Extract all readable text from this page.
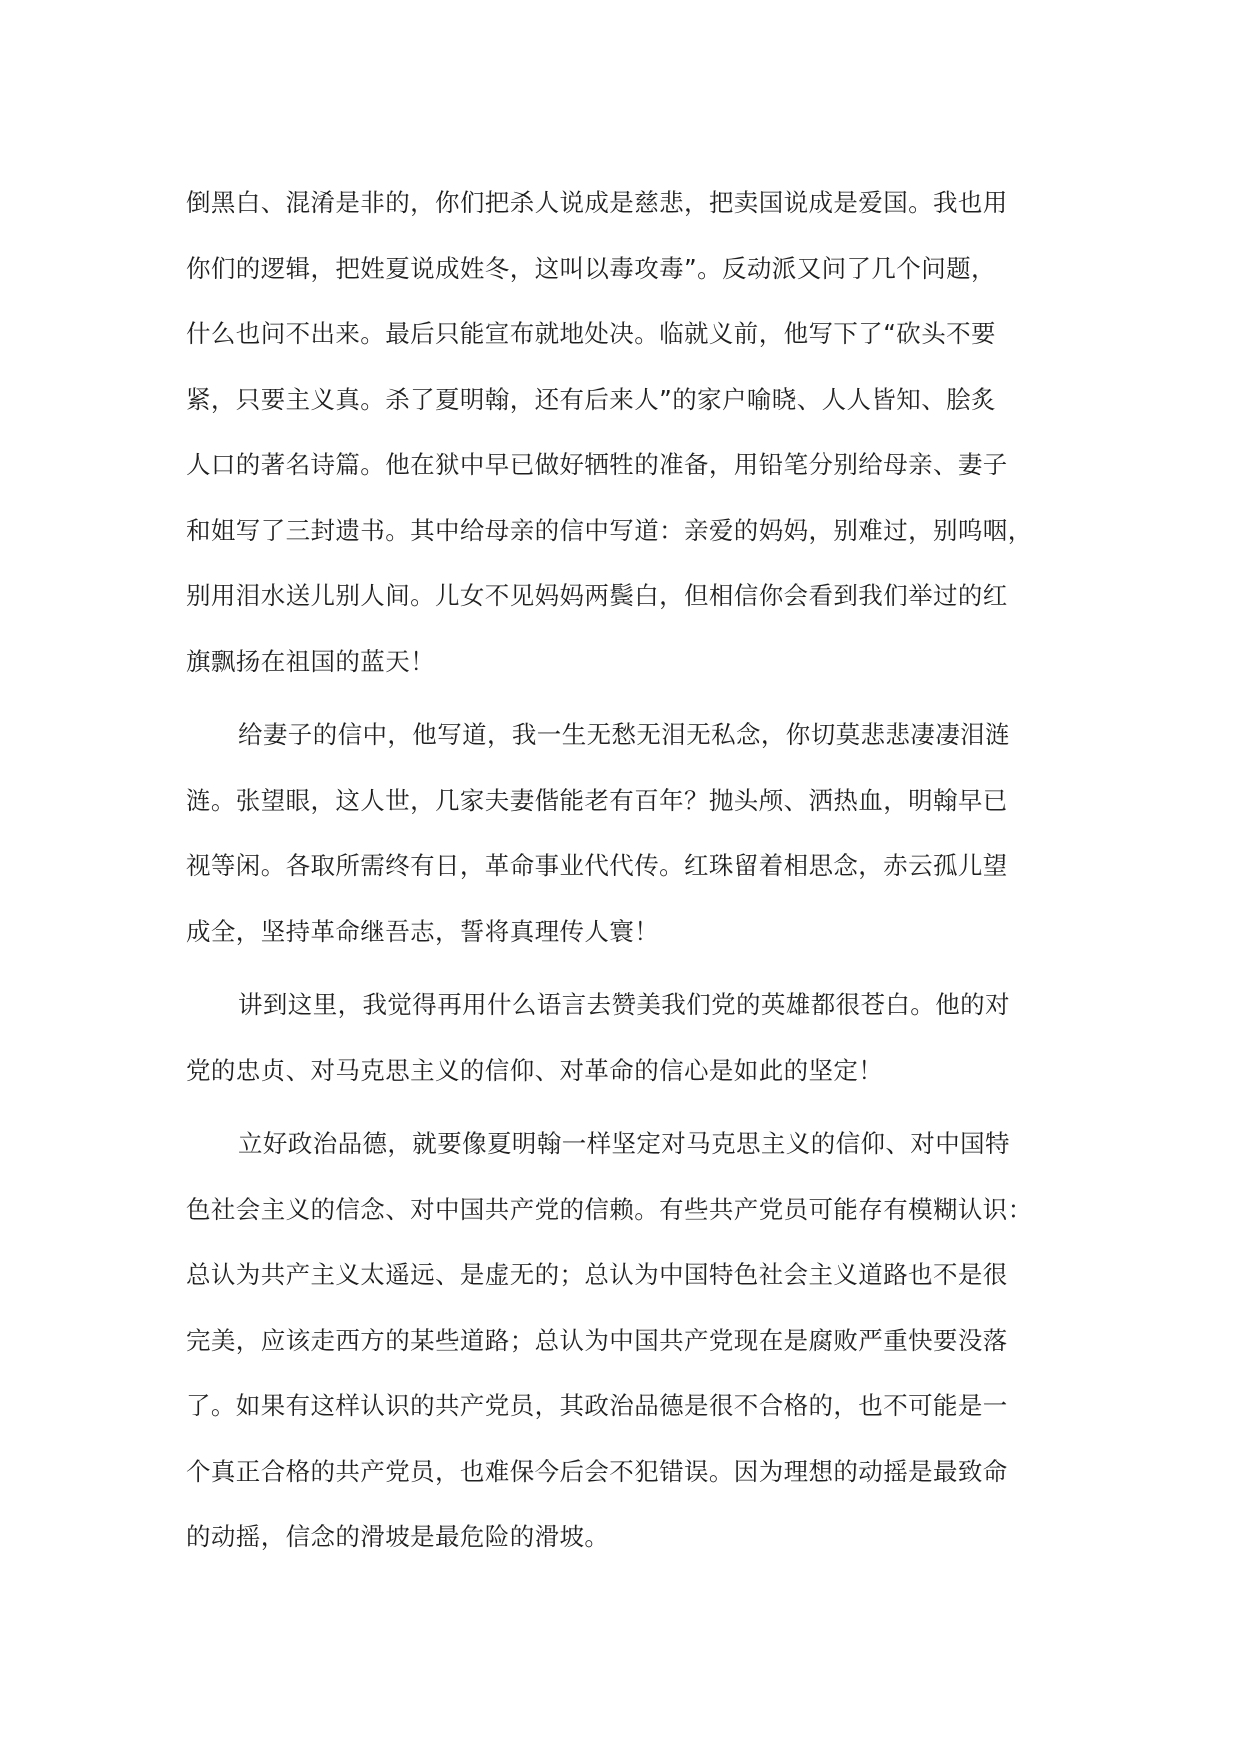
倒黑白、混淆是非的，你们把杀人说成是慈悲，把卖国说成是爱国。我也用
你们的逻辑，把姓夏说成姓冬，这叫以毒攻毒”。反动派又问了几个问题，
什么也问不出来。最后只能宣布就地处决。临就义前，他写下了“砍头不要
紧，只要主义真。杀了夏明翰，还有后来人”的家户喻晓、人人皆知、脍炙
人口的著名诗篇。他在狱中早已做好牺牲的准备，用铅笔分别给母亲、妻子
和姐写了三封遗书。其中给母亲的信中写道：亲爱的妈妈，别难过，别呜咽，
别用泪水送儿别人间。儿女不见妈妈两鬓白，但相信你会看到我们举过的红
旗飘扬在祖国的蓝天！
给妻子的信中，他写道，我一生无愁无泪无私念，你切莫悲悲凄凄泪涟
涟。张望眼，这人世，几家夫妻偕能老有百年？抛头颅、洒热血，明翰早已
视等闲。各取所需终有日，革命事业代代传。红珠留着相思念，赤云孤儿望
成全，坚持革命继吾志，誓将真理传人寰！
讲到这里，我觉得再用什么语言去赞美我们党的英雄都很苍白。他的对
党的忠贞、对马克思主义的信仰、对革命的信心是如此的坚定！
立好政治品德，就要像夏明翰一样坚定对马克思主义的信仰、对中国特
色社会主义的信念、对中国共产党的信赖。有些共产党员可能存有模糊认识：
总认为共产主义太遥远、是虚无的；总认为中国特色社会主义道路也不是很
完美，应该走西方的某些道路；总认为中国共产党现在是腐败严重快要没落
了。如果有这样认识的共产党员，其政治品德是很不合格的，也不可能是一
个真正合格的共产党员，也难保今后会不犯错误。因为理想的动摇是最致命
的动摇，信念的滑坡是最危险的滑坡。
